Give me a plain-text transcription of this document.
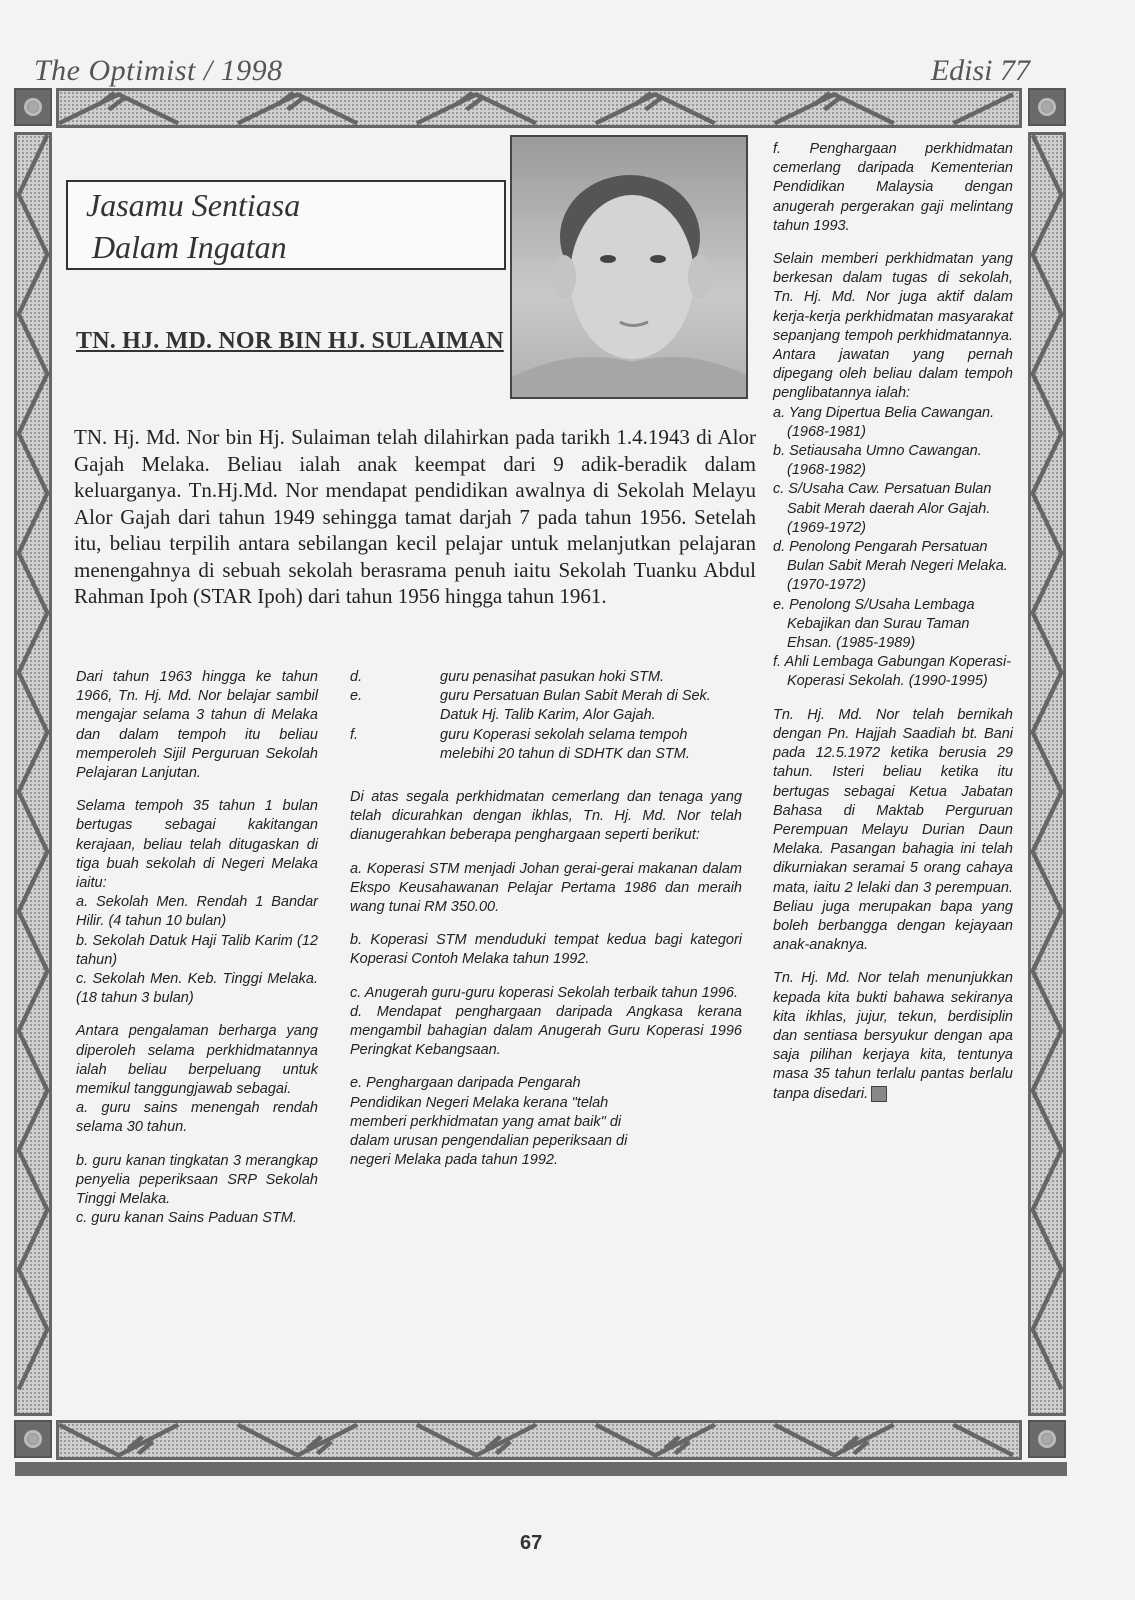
The Optimist / 1998	Edisi 77
Jasamu Sentiasa
Dalam Ingatan
TN. HJ. MD. NOR BIN HJ. SULAIMAN
TN. Hj. Md. Nor bin Hj. Sulaiman telah dilahirkan pada tarikh 1.4.1943 di Alor Gajah Melaka. Beliau ialah anak keempat dari 9 adik-beradik dalam keluarganya. Tn.Hj.Md. Nor mendapat pendidikan awalnya di Sekolah Melayu Alor Gajah dari tahun 1949 sehingga tamat darjah 7 pada tahun 1956. Setelah itu, beliau terpilih antara sebilangan kecil pelajar untuk melanjutkan pelajaran menengahnya di sebuah sekolah berasrama penuh iaitu Sekolah Tuanku Abdul Rahman Ipoh (STAR Ipoh) dari tahun 1956 hingga tahun 1961.

Dari tahun 1963 hingga ke tahun 1966, Tn. Hj. Md. Nor belajar sambil mengajar selama 3 tahun di Melaka dan dalam tempoh itu beliau memperoleh Sijil Perguruan Sekolah Pelajaran Lanjutan.

Selama tempoh 35 tahun 1 bulan bertugas sebagai kakitangan kerajaan, beliau telah ditugaskan di tiga buah sekolah di Negeri Melaka iaitu:

a. Sekolah Men. Rendah 1 Bandar Hilir. (4 tahun 10 bulan)
b. Sekolah Datuk Haji Talib Karim (12 tahun)
c. Sekolah Men. Keb. Tinggi Melaka. (18 tahun 3 bulan)

Antara pengalaman berharga yang diperoleh selama perkhidmatannya ialah beliau berpeluang untuk memikul tanggungjawab sebagai.

a. guru sains menengah rendah selama 30 tahun.
b. guru kanan tingkatan 3 merangkap penyelia peperiksaan SRP Sekolah Tinggi Melaka.
c. guru kanan Sains Paduan STM.
d.	guru penasihat pasukan hoki STM.
e.	guru Persatuan Bulan Sabit Merah di Sek. Datuk Hj. Talib Karim, Alor Gajah.
f.	guru Koperasi sekolah selama tempoh melebihi 20 tahun di SDHTK dan STM.

Di atas segala perkhidmatan cemerlang dan tenaga yang telah dicurahkan dengan ikhlas, Tn. Hj. Md. Nor telah dianugerahkan beberapa penghargaan seperti berikut:

a. Koperasi STM menjadi Johan gerai-gerai makanan dalam Ekspo Keusahawanan Pelajar Pertama 1986 dan meraih wang tunai RM 350.00.

b. Koperasi STM menduduki tempat kedua bagi kategori Koperasi Contoh Melaka tahun 1992.

c. Anugerah guru-guru koperasi Sekolah terbaik tahun 1996.

d. Mendapat penghargaan daripada Angkasa kerana mengambil bahagian dalam Anugerah Guru Koperasi 1996 Peringkat Kebangsaan.

e. Penghargaan daripada Pengarah Pendidikan Negeri Melaka kerana "telah memberi perkhidmatan yang amat baik" di dalam urusan pengendalian peperiksaan di negeri Melaka pada tahun 1992.

f. Penghargaan perkhidmatan cemerlang daripada Kementerian Pendidikan Malaysia dengan anugerah pergerakan gaji melintang tahun 1993.

Selain memberi perkhidmatan yang berkesan dalam tugas di sekolah, Tn. Hj. Md. Nor juga aktif dalam kerja-kerja perkhidmatan masyarakat sepanjang tempoh perkhidmatannya. Antara jawatan yang pernah dipegang oleh beliau dalam tempoh penglibatannya ialah:

a. Yang Dipertua Belia Cawangan. (1968-1981)
b. Setiausaha Umno Cawangan. (1968-1982)
c. S/Usaha Caw. Persatuan Bulan Sabit Merah daerah Alor Gajah. (1969-1972)
d. Penolong Pengarah Persatuan Bulan Sabit Merah Negeri Melaka. (1970-1972)
e. Penolong S/Usaha Lembaga Kebajikan dan Surau Taman Ehsan. (1985-1989)
f. Ahli Lembaga Gabungan Koperasi-Koperasi Sekolah. (1990-1995)

Tn. Hj. Md. Nor telah bernikah dengan Pn. Hajjah Saadiah bt. Bani pada 12.5.1972 ketika berusia 29 tahun. Isteri beliau ketika itu bertugas sebagai Ketua Jabatan Bahasa di Maktab Perguruan Perempuan Melayu Durian Daun Melaka. Pasangan bahagia ini telah dikurniakan seramai 5 orang cahaya mata, iaitu 2 lelaki dan 3 perempuan. Beliau juga merupakan bapa yang boleh berbangga dengan kejayaan anak-anaknya.

Tn. Hj. Md. Nor telah menunjukkan kepada kita bukti bahawa sekiranya kita ikhlas, jujur, tekun, berdisiplin dan sentiasa bersyukur dengan apa saja pilihan kerjaya kita, tentunya masa 35 tahun terlalu pantas berlalu tanpa disedari.

67
